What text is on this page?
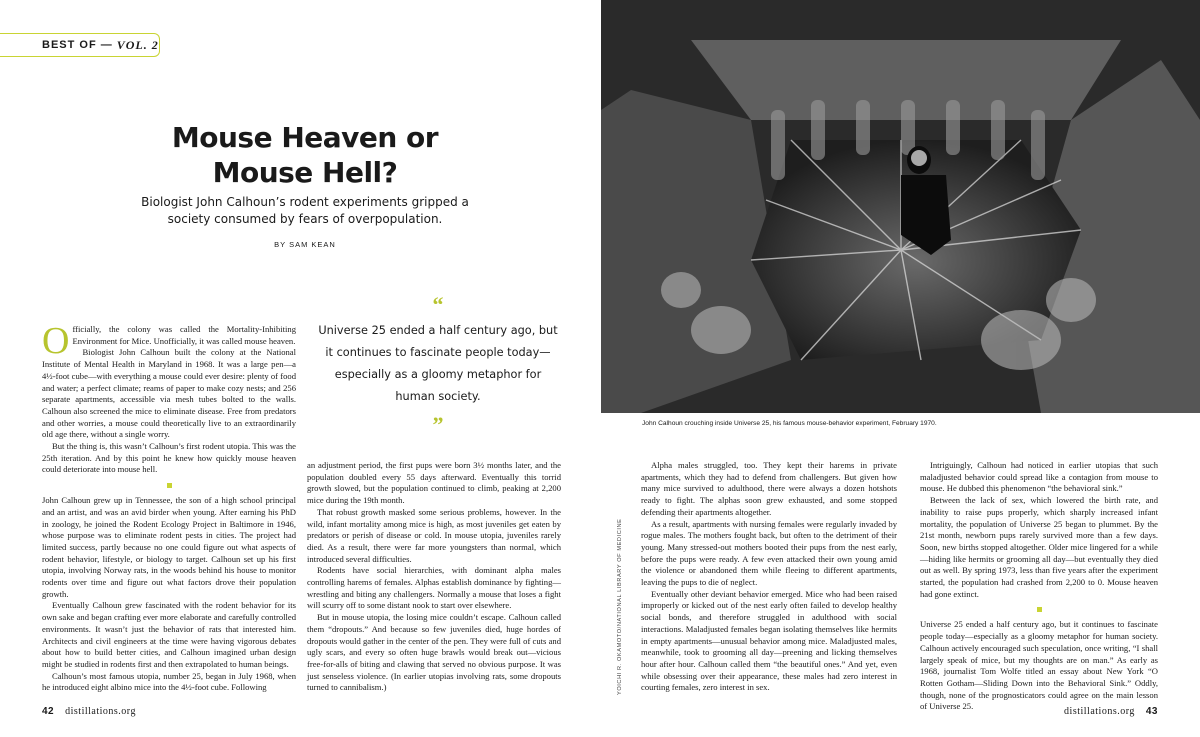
BEST OF — VOL. 2
Mouse Heaven or
Mouse Hell?
Biologist John Calhoun’s rodent experiments gripped a society consumed by fears of overpopulation.
BY SAM KEAN

Officially, the colony was called the Mortality-Inhibiting Environment for Mice. Unofficially, it was called mouse heaven.

Biologist John Calhoun built the colony at the National Institute of Mental Health in Maryland in 1968. It was a large pen—a 4½-foot cube—with everything a mouse could ever desire: plenty of food and water; a perfect climate; reams of paper to make cozy nests; and 256 separate apartments, accessible via mesh tubes bolted to the walls. Calhoun also screened the mice to eliminate disease. Free from predators and other worries, a mouse could theoretically live to an extraordinarily old age there, without a single worry.

But the thing is, this wasn’t Calhoun’s first rodent utopia. This was the 25th iteration. And by this point he knew how quickly mouse heaven could deteriorate into mouse hell.

John Calhoun grew up in Tennessee, the son of a high school principal and an artist, and was an avid birder when young. After earning his PhD in zoology, he joined the Rodent Ecology Project in Baltimore in 1946, whose purpose was to eliminate rodent pests in cities. The project had limited success, partly because no one could figure out what aspects of rodent behavior, lifestyle, or biology to target. Calhoun set up his first utopia, involving Norway rats, in the woods behind his house to monitor rodents over time and figure out what factors drove their population growth.

Eventually Calhoun grew fascinated with the rodent behavior for its own sake and began crafting ever more elaborate and carefully controlled environments. It wasn’t just the behavior of rats that interested him. Architects and civil engineers at the time were having vigorous debates about how to build better cities, and Calhoun imagined urban design might be studied in rodents first and then extrapolated to human beings.

Calhoun’s most famous utopia, number 25, began in July 1968, when he introduced eight albino mice into the 4½-foot cube. Following

“
Universe 25 ended a half century ago, but it continues to fascinate people today—especially as a gloomy metaphor for human society.
”

an adjustment period, the first pups were born 3½ months later, and the population doubled every 55 days afterward. Eventually this torrid growth slowed, but the population continued to climb, peaking at 2,200 mice during the 19th month.

That robust growth masked some serious problems, however. In the wild, infant mortality among mice is high, as most juveniles get eaten by predators or perish of disease or cold. In mouse utopia, juveniles rarely died. As a result, there were far more youngsters than normal, which introduced several difficulties.

Rodents have social hierarchies, with dominant alpha males controlling harems of females. Alphas establish dominance by fighting—wrestling and biting any challengers. Normally a mouse that loses a fight will scurry off to some distant nook to start over elsewhere.

But in mouse utopia, the losing mice couldn’t escape. Calhoun called them “dropouts.” And because so few juveniles died, huge hordes of dropouts would gather in the center of the pen. They were full of cuts and ugly scars, and every so often huge brawls would break out—vicious free-for-alls of biting and clawing that served no obvious purpose. It was just senseless violence. (In earlier utopias involving rats, some dropouts turned to cannibalism.)

John Calhoun crouching inside Universe 25, his famous mouse-behavior experiment, February 1970.
YOICHI R. OKAMOTO/NATIONAL LIBRARY OF MEDICINE

Alpha males struggled, too. They kept their harems in private apartments, which they had to defend from challengers. But given how many mice survived to adulthood, there were always a dozen hotshots ready to fight. The alphas soon grew exhausted, and some stopped defending their apartments altogether.

As a result, apartments with nursing females were regularly invaded by rogue males. The mothers fought back, but often to the detriment of their young. Many stressed-out mothers booted their pups from the nest early, before the pups were ready. A few even attacked their own young amid the violence or abandoned them while fleeing to different apartments, leaving the pups to die of neglect.

Eventually other deviant behavior emerged. Mice who had been raised improperly or kicked out of the nest early often failed to develop healthy social bonds, and therefore struggled in adulthood with social interactions. Maladjusted females began isolating themselves like hermits in empty apartments—unusual behavior among mice. Maladjusted males, meanwhile, took to grooming all day—preening and licking themselves hour after hour. Calhoun called them “the beautiful ones.” And yet, even while obsessing over their appearance, these males had zero interest in courting females, zero interest in sex.

Intriguingly, Calhoun had noticed in earlier utopias that such maladjusted behavior could spread like a contagion from mouse to mouse. He dubbed this phenomenon “the behavioral sink.”

Between the lack of sex, which lowered the birth rate, and inability to raise pups properly, which sharply increased infant mortality, the population of Universe 25 began to plummet. By the 21st month, newborn pups rarely survived more than a few days. Soon, new births stopped altogether. Older mice lingered for a while—hiding like hermits or grooming all day—but eventually they died out as well. By spring 1973, less than five years after the experiment started, the population had crashed from 2,200 to 0. Mouse heaven had gone extinct.

Universe 25 ended a half century ago, but it continues to fascinate people today—especially as a gloomy metaphor for human society. Calhoun actively encouraged such speculation, once writing, “I shall largely speak of mice, but my thoughts are on man.” As early as 1968, journalist Tom Wolfe titled an essay about New York “O Rotten Gotham—Sliding Down into the Behavioral Sink.” Oddly, though, none of the prognosticators could agree on the main lesson of Universe 25.

42 distillations.org	distillations.org 43
